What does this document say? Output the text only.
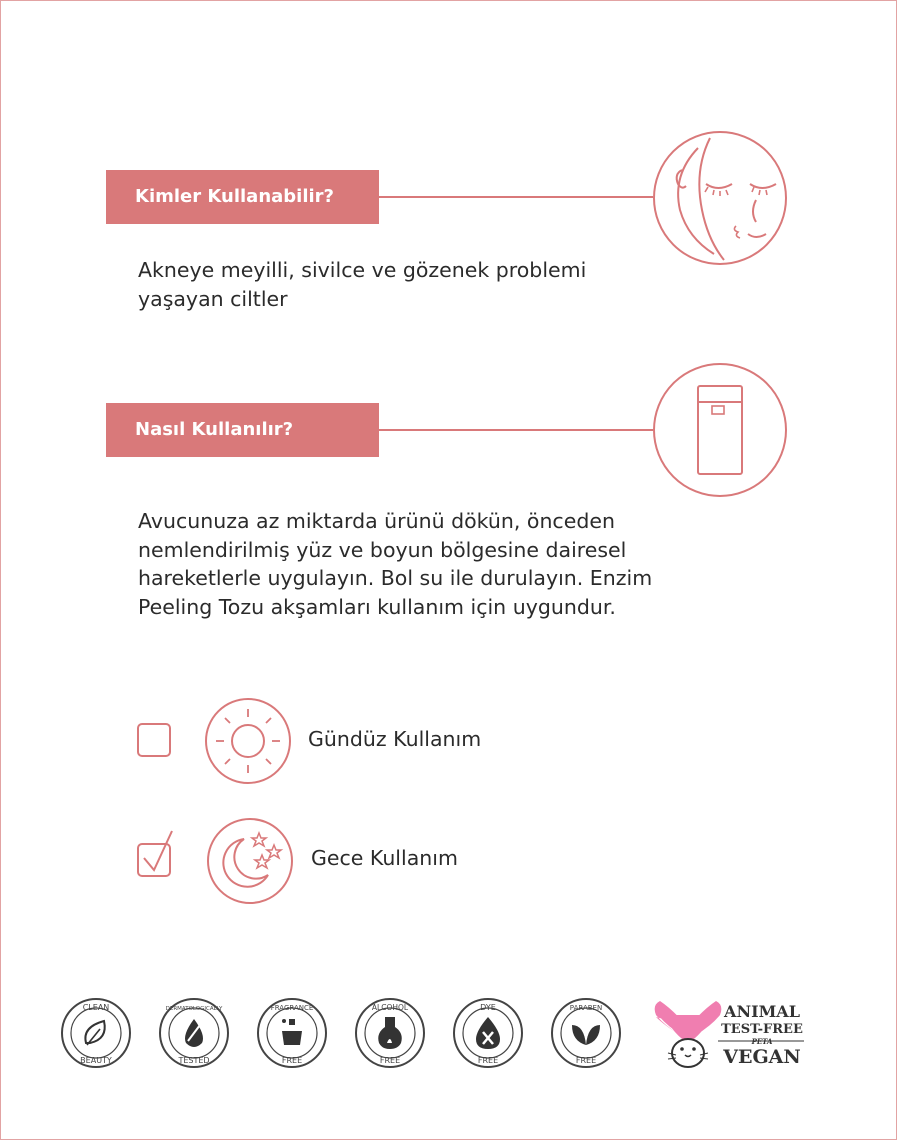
Kimler Kullanabilir?
Akneye meyilli, sivilce ve gözenek problemi
yaşayan ciltler
Nasıl Kullanılır?
Avucunuza az miktarda ürünü dökün, önceden
nemlendirilmiş yüz ve boyun bölgesine dairesel
hareketlerle uygulayın. Bol su ile durulayın. Enzim
Peeling Tozu akşamları kullanım için uygundur.
Gündüz Kullanım
Gece Kullanım
CLEAN
BEAUTY
DERMATOLOGICALLY
TESTED
FRAGRANCE
FREE
ALCOHOL
FREE
DYE
FREE
PARABEN
FREE
ANIMAL
TEST-FREE
PETA
VEGAN
